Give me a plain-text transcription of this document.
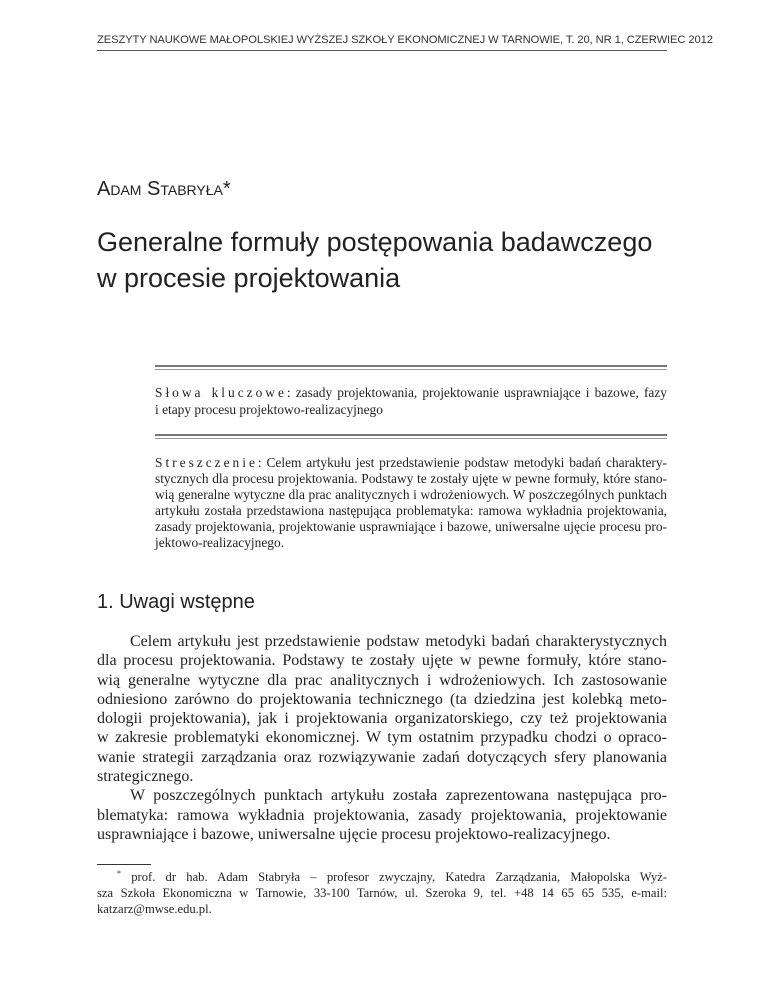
ZESZYTY NAUKOWE MAŁOPOLSKIEJ WYŻSZEJ SZKOŁY EKONOMICZNEJ W TARNOWIE, T. 20, NR 1, CZERWIEC 2012
Adam Stabryła*
Generalne formuły postępowania badawczego
w procesie projektowania
Słowa kluczowe: zasady projektowania, projektowanie usprawniające i bazowe, fazy
i etapy procesu projektowo-realizacyjnego
Streszczenie: Celem artykułu jest przedstawienie podstaw metodyki badań charaktery-
stycznych dla procesu projektowania. Podstawy te zostały ujęte w pewne formuły, które stano-
wią generalne wytyczne dla prac analitycznych i wdrożeniowych. W poszczególnych punktach
artykułu została przedstawiona następująca problematyka: ramowa wykładnia projektowania,
zasady projektowania, projektowanie usprawniające i bazowe, uniwersalne ujęcie procesu pro-
jektowo-realizacyjnego.
1. Uwagi wstępne
Celem artykułu jest przedstawienie podstaw metodyki badań charakterystycznych
dla procesu projektowania. Podstawy te zostały ujęte w pewne formuły, które stano-
wią generalne wytyczne dla prac analitycznych i wdrożeniowych. Ich zastosowanie
odniesiono zarówno do projektowania technicznego (ta dziedzina jest kolebką meto-
dologii projektowania), jak i projektowania organizatorskiego, czy też projektowania
w zakresie problematyki ekonomicznej. W tym ostatnim przypadku chodzi o opraco-
wanie strategii zarządzania oraz rozwiązywanie zadań dotyczących sfery planowania
strategicznego.
W poszczególnych punktach artykułu została zaprezentowana następująca pro-
blematyka: ramowa wykładnia projektowania, zasady projektowania, projektowanie
usprawniające i bazowe, uniwersalne ujęcie procesu projektowo-realizacyjnego.
* prof. dr hab. Adam Stabryła – profesor zwyczajny, Katedra Zarządzania, Małopolska Wyż-
sza Szkoła Ekonomiczna w Tarnowie, 33-100 Tarnów, ul. Szeroka 9, tel. +48 14 65 65 535, e-mail:
katzarz@mwse.edu.pl.
